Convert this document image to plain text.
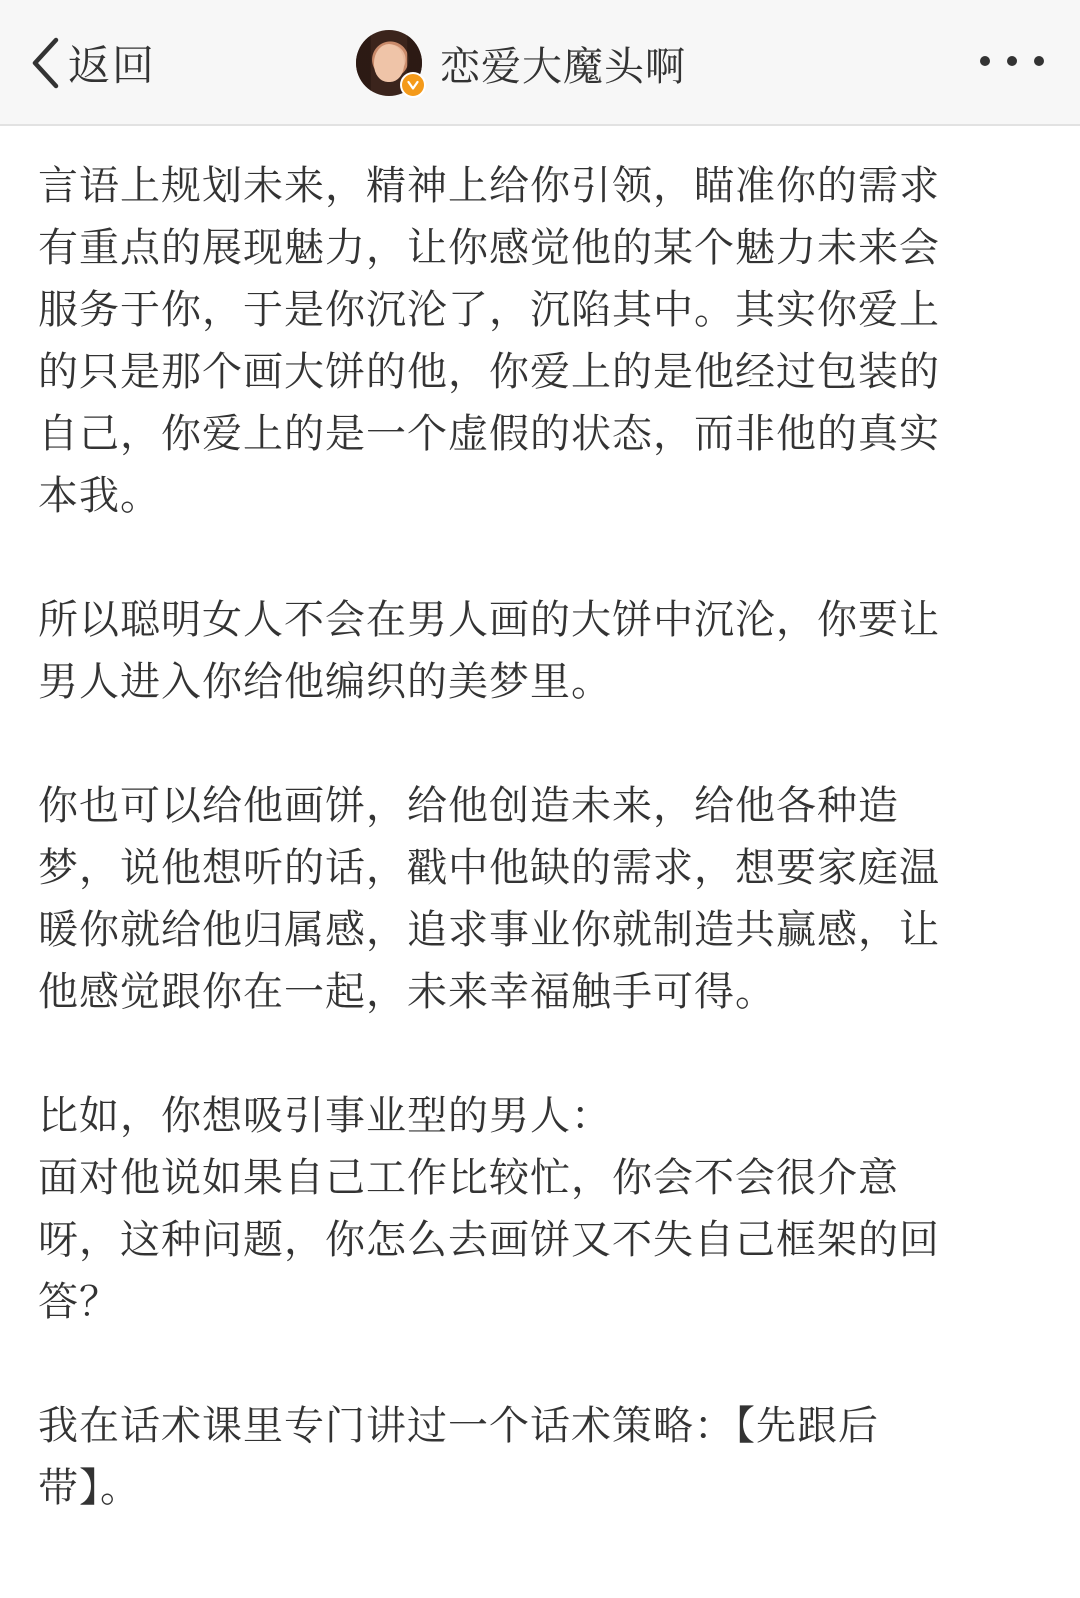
返回	恋爱大魔头啊

言语上规划未来，精神上给你引领，瞄准你的需求
有重点的展现魅力，让你感觉他的某个魅力未来会
服务于你，于是你沉沦了，沉陷其中。其实你爱上
的只是那个画大饼的他，你爱上的是他经过包装的
自己，你爱上的是一个虚假的状态，而非他的真实
本我。

所以聪明女人不会在男人画的大饼中沉沦，你要让
男人进入你给他编织的美梦里。

你也可以给他画饼，给他创造未来，给他各种造
梦，说他想听的话，戳中他缺的需求，想要家庭温
暖你就给他归属感，追求事业你就制造共赢感，让
他感觉跟你在一起，未来幸福触手可得。

比如，你想吸引事业型的男人：
面对他说如果自己工作比较忙，你会不会很介意
呀，这种问题，你怎么去画饼又不失自己框架的回
答？

我在话术课里专门讲过一个话术策略：【先跟后
带】。
